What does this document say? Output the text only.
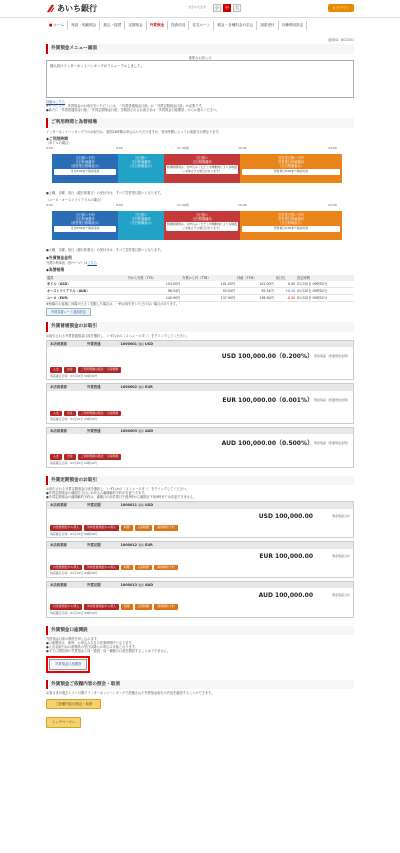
あいち銀行	文字の大きさ	小	中	大	ログアウト
■ホーム	残高・明細照会	振込・振替	定期預金	外貨預金	投資信託	住宅ローン	税金・各種料金の払込	諸届受付	各種利用設定
画面ID：BGC001
外貨預金メニュー画面
重要なお知らせ
個人向けインターネットバンキングがリニューアルしました。
詳細はこちら
※サービスで、外貨預金のお取引をいただくには、「外貨普通預金口座」が「外貨定期預金口座」が必要です。
●新たに「外貨普通預金口座」「外貨定期預金口座」を開設されるお客さまは「外貨預金口座開設」からお進みください。
ご利用時間と為替相場
インターネットバンキングでのお取引は、原則24時間お申込みいただけますが、受付時間によってお取扱日が異なります。
◆ご利用時間
（米ドルの場合）
0:00	9:00	11:30頃	15:00	24:00
当日扱い予約
当日仲値適用
（前営業日相場表示）
当日9:00まで取消可能
当日扱い
当日仲値適用
（当日相場表示）
当日扱い
当日相場適用
相場時間帯は、お申込み（ただし市場動向によりお取扱いを休止する場合があります）
翌営業日扱い予約
翌営業日仲値適用
（当日相場表示）
翌営業日9:00まで取消可能
●土曜、日曜、祝日（銀行休業日）の受付分は、すべて翌営業日扱いとなります。
（ユーロ・オーストラリアドルの場合）
0:00	9:00	11:30頃	15:00	24:00
当日扱い予約
当日仲値適用
（前営業日相場表示）
当日9:00まで取消可能
当日扱い
当日仲値適用
（当日相場表示）
当日扱い
当日相場適用
相場時間帯は、お申込み（ただし市場動向によりお取扱いを休止する場合があります）
翌営業日扱い予約
翌営業日仲値適用
（当日相場表示）
翌営業日9:00まで取消可能
●土曜、日曜、祝日（銀行休業日）の受付分は、すべて翌営業日扱いとなります。
◆外貨預金金利
外貨の利率表（別ページ）はこちら
◆為替相場
通貨	円から外貨（TTS）	外貨から円（TTB）	仲値（TTM）	前日比	設定時間
米ドル（USD）	103.00円	101.00円	102.00円	0.00	01月20日 09時52分
オーストラリアドル（AUD）	98.04円	93.04円	95.54円	+0.10	01月20日 09時52分
ユーロ（EUR）	140.90円	137.90円	138.90円	-0.20	01月20日 09時52分
※相場のお客様に何場が大きく変動した場合は、一時お取引をいただけない場合があります。
外貨為替レート通知設定
外貨普通預金のお取引
お取引される外貨普通預金口座を選択し、いずれかの［メニューボタン］をクリックしてください。
本店営業部	外貨普通	1000001 通貨 USD
USD 100,000.00（0.200%） 預金残高（普通預金金利）
入金	出金	ご利用明細の照会・口座明細
残高確定日時：01月20日 09時30分
本店営業部	外貨普通	1000002 通貨 EUR
EUR 100,000.00（0.001%） 預金残高（普通預金金利）
入金	出金	ご利用明細の照会・口座明細
残高確定日時：01月20日 09時30分
本店営業部	外貨普通	1000003 通貨 AUD
AUD 100,000.00（0.500%） 預金残高（普通預金金利）
入金	出金	ご利用明細の照会・口座明細
残高確定日時：01月20日 09時30分
外貨定期預金のお取引
お取引される外貨定期預金口座を選択し、いずれかの［メニューボタン］をクリックしてください。
●外貨定期預金の満期日当日にお申込み満期解約予約が変更できます。
●外貨定期預金の満期解約予約は、満期日の前営業日午後3時から満期日午前9時までは変更できません。
本店営業部	外貨定期	1000011 通貨 USD
USD 100,000.00	預金残高合計
円普通預金から預入	外貨普通預金から預入	明細	定期明細	満期解約予約
残高確定日時：01月20日 09時30分
本店営業部	外貨定期	1000012 通貨 EUR
EUR 100,000.00	預金残高合計
円普通預金から預入	外貨普通預金から預入	明細	定期明細	満期解約予約
残高確定日時：01月20日 09時30分
本店営業部	外貨定期	1000013 通貨 AUD
AUD 100,000.00	預金残高合計
円普通預金から預入	外貨普通預金から預入	明細	定期明細	満期解約予約
残高確定日時：01月20日 09時30分
外貨預金口座開設
外貨預金口座の開設を申し込みます。
●口座開設は、即時、お申込み当日の営業時間中となります。
●入出金取引は口座開設の翌日以降にお申込み可能となります。
●すでに開設済の外貨預金と同一通貨・同一種類の口座を開設することはできません。
外貨預金口座開設
外貨預金ご依頼内容の照会・取消
お客さまが過去１２ヶ月間でインターネットバンキングで依頼された外貨預金取引の内容を確認することができます。
ご依頼内容の照会・取消
トップページへ
